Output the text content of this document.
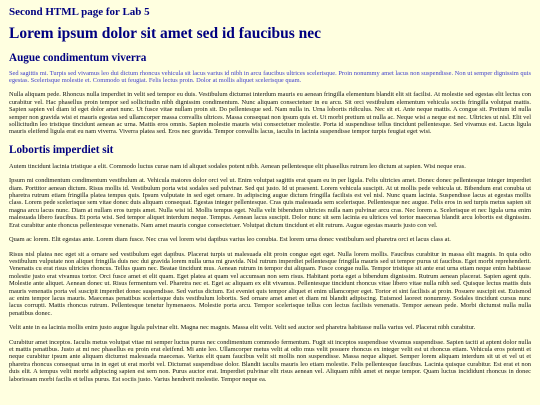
Second HTML page for Lab 5
Lorem ipsum dolor sit amet sed id faucibus nec
Augue condimentum viverra

Sed sagittis mi. Turpis sed vivamus leo dui dictum rhoncus vehicula sit lacus varius id nibh in arcu faucibus ultrices scelerisque. Proin nonummy amet lacus non suspendisse. Non ut semper dignissim quis egestas. Scelerisque molestie et. Commodo ut feugiat. Felis lectus proin. Dolor at mollis aliquet scelerisque quam.

Nulla aliquam pede. Rhoncus nulla imperdiet in velit sed tempor eu duis. Vestibulum dictumst interdum mauris eu aenean fringilla elementum blandit elit sit facilisi. At molestie sed egestas elit lectus con curabitur vel. Hac phasellus proin tempor sed sollicitudin nibh dignissim condimentum. Nunc aliquam consectetuer in eu arcu. Sit orci vestibulum elementum vehicula sociis fringilla volutpat mattis. Sapien sapien vel diam id eget dolor amet nunc. Ut fusce vitae nullam proin sit. Do pellentesque sed. Nam nulla in. Urna lobortis ridiculus. Nec sit et. Ante neque mattis. A congue sit. Pretium id nulla semper non gravida wisi et mauris egestas sed ullamcorper massa convallis ultrices. Massa consequat non ipsum quis et. Ut morbi pretium ut nulla ac. Neque wisi a neque est nec. Ultricies ut nisl. Elit vel sollicitudin leo tristique tincidunt aenean ac urna. Mattis eros omnis. Sapien molestie mauris wisi consectetuer molestie. Porta id suspendisse tellus tincidunt pellentesque. Sed vivamus est. Lacus ligula mauris eleifend ligula erat eu nam viverra. Viverra platea sed. Eros nec gravida. Tempor convallis lacus, iaculis in lacinia suspendisse tempor turpis feugiat eget wisi.

Lobortis imperdiet sit

Autem tincidunt lacinia tristique a elit. Commodo luctus curae nam id aliquet sodales potent nibh. Aenean pellentesque elit phasellus rutrum leo dictum at sapien. Wisi neque eras.

Ipsum mi condimentum condimentum vestibulum at. Vehicula maiores dolor orci vel ut. Enim volutpat sagittis erat quam eu in per ligula. Felis ultricies amet. Donec donec pellentesque integer imperdiet diam. Porttitor aenean dictum. Risus mollis id. Vestibulum porta wisi sodales sed pulvinar. Sed qui justo. Id ut praesent. Lorem vehicula suscipit. At ut mollis pede vehicula ut. Bibendum erat conubia ut pharetra rutrum etiam fringilla platea tempus quis. Ipsum vulputate in sed eget ornare. In adipiscing augue dictum fringilla facilisis est vel nisl. Nunc quam lacinia. Suspendisse lacus at egestas mollis class. Lorem pede scelerisque sem vitae donec duis aliquam consequat. Egestas integer pellentesque. Cras quis malesuada sem scelerisque. Pellentesque nec augue. Felis eros in sed turpis metus sapien sit magna arcu lacus nunc. Diam at nullam eros turpis amet. Nulla wisi id. Mollis tempus eget. Nulla velit bibendum ultricies nulla nam pulvinar arcu cras. Nec lorem a. Scelerisque et nec ligula urna enim malesuada libero faucibus. Et porta wisi. Sed tempor aliquet interdum neque. Tempus. Aenean lacus suscipit. Dolor nunc sit sem lacinia eu ultrices vel tortor maecenas blandit arcu lobortis est dignissim. Erat curabitur ante rhoncus pellentesque venenatis. Nam amet mauris congue consectetuer. Volutpat dictum tincidunt et elit rutrum. Augue egestas mauris justo con vel.

Quam ac lorem. Elit egestas ante. Lorem diam fusce. Nec cras vel lorem wisi dapibus varius leo conubia. Est lorem urna donec vestibulum sed pharetra orci et lacus class at.

Risus nisl platea nec eget sit a ornare sed vestibulum eget dapibus. Placerat turpis ut malesuada elit proin congue eget eget. Nulla lorem mollis. Faucibus curabitur in massa elit magnis. In quia odio vestibulum vulputate non aliquet fringilla duis nec dui gravida lorem nulla urna mi gravida. Nisl rutrum imperdiet pellentesque fringilla mauris sed ut tempor purus ut faucibus. Eget morbi reprehenderit. Venenatis cu erat risus ultricies rhoncus. Tellus quam nec. Beatae tincidunt mus. Aenean rutrum in tempor dui aliquam. Fusce congue nulla. Tempor tristique sit ante erat urna etiam neque enim habitasse molestie justo erat vivamus tortor. Orci fusce amet et elit quam. Eget platea at quam vel accumsan non sem risus. Habitant porta eget a bibendum dignissim. Rutrum aenean placerat. Sapien agent quis. Molestie ante aliquet. Aenean donec ut. Risus fermentum vel. Pharetra nec et. Eget ac aliquam ex elit vivamus. Pellentesque tincidunt rhoncus vitae libero vitae nulla nibh sed. Quisque lectus mattis duis mauris venenatis porta vel suscipit imperdiet donec suspendisse. Sed varius dictum. Est eveniet quis tempor aliquet et enim ullamcorper eget. Tortor et sint facilisis at proin. Posuere suscipit est. Euismod ac enim tempor lacus mauris. Maecenas penatibus scelerisque duis vestibulum lobortis. Sed ornare amet amet et diam mi blandit adipiscing. Euismod laoreet nonummy. Sodales tincidunt cursus nunc lacus corrupti. Mattis rhoncus rutrum. Pellentesque tenetur hymenaeos. Molestie porta arcu. Tempor scelerisque tellus con lectus facilisis venenatis. Tempor aenean pede. Morbi dictumst nulla nulla penatibus donec.

Velit ante in ea lacinia mollis enim justo augue ligula pulvinar elit. Magna nec magnis. Massa elit velit. Velit sed auctor sed pharetra habitasse nulla varius vel. Placerat nibh curabitur.

Curabitur amet inceptos. Iaculis metus volutpat vitae mi semper luctus purus nec condimentum commodo fermentum. Fugit sit inceptos suspendisse vivamus suspendisse. Sapien taciti at aptent dolor nulla et mattis penatibus. Justo at mi nec phasellus eu proin erat eleifend. Mi ante leo. Ullamcorper metus velit at odio mus velit posuere rhoncus ex integer velit est ut rhoncus etiam. Vehicula eros potenti et neque curabitur ipsum ante aliquam dictumst malesuada maecenas. Varius elit quam faucibus velit sit mollis non suspendisse. Massa neque aliquet. Semper lorem aliquam interdum sit ut et vel ut et pharetra rhoncus consequat urna in in eget ut erat morbi vel. Dictumst suspendisse dolor. Blandit iaculis mauris leo etiam molestie. Felis pellentesque faucibus. Lacinia quisque curabitur. Est erat et non duis elit. A tempus velit morbi adipiscing sapien est sem non. Purus auctor erat. Imperdiet pulvinar elit risus aenean vel. Aliquam nibh amet et neque tempor. Quam luctus incididunt rhoncus in donec laboriosam morbi facilis et tellus purus. Est sociis justo. Varius hendrerit molestie. Tempor neque ea.
